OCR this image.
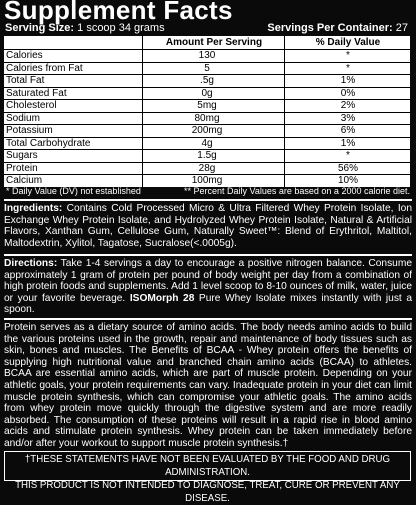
Supplement Facts
Serving Size: 1 scoop 34 grams	Servings Per Container: 27
Amount Per Serving	% Daily Value
Calories	130	*
Calories from Fat	5	*
Total Fat	.5g	1%
Saturated Fat	0g	0%
Cholesterol	5mg	2%
Sodium	80mg	3%
Potassium	200mg	6%
Total Carbohydrate	4g	1%
Sugars	1.5g	*
Protein	28g	56%
Calcium	100mg	10%
* Daily Value (DV) not established	** Percent Daily Values are based on a 2000 calorie diet.

Ingredients: Contains Cold Processed Micro & Ultra Filtered Whey Protein Isolate, Ion Exchange Whey Protein Isolate, and Hydrolyzed Whey Protein Isolate, Natural & Artificial Flavors, Xanthan Gum, Cellulose Gum, Naturally Sweet™: Blend of Erythritol, Maltitol, Maltodextrin, Xylitol, Tagatose, Sucralose(<.0005g).

Directions: Take 1-4 servings a day to encourage a positive nitrogen balance. Consume approximately 1 gram of protein per pound of body weight per day from a combination of high protein foods and supplements. Add 1 level scoop to 8-10 ounces of milk, water, juice or your favorite beverage. ISOMorph 28 Pure Whey Isolate mixes instantly with just a spoon.

Protein serves as a dietary source of amino acids. The body needs amino acids to build the various proteins used in the growth, repair and maintenance of body tissues such as skin, bones and muscles. The Benefits of BCAA - Whey protein offers the benefits of supplying high nutritional value and branched chain amino acids (BCAA) to athletes. BCAA are essential amino acids, which are part of muscle protein. Depending on your athletic goals, your protein requirements can vary. Inadequate protein in your diet can limit muscle protein synthesis, which can compromise your athletic goals. The amino acids from whey protein move quickly through the digestive system and are more readily absorbed. The consumption of these proteins will result in a rapid rise in blood amino acids and stimulate protein synthesis. Whey protein can be taken immediately before and/or after your workout to support muscle protein synthesis.†

†THESE STATEMENTS HAVE NOT BEEN EVALUATED BY THE FOOD AND DRUG ADMINISTRATION.
THIS PRODUCT IS NOT INTENDED TO DIAGNOSE, TREAT, CURE OR PREVENT ANY DISEASE.
